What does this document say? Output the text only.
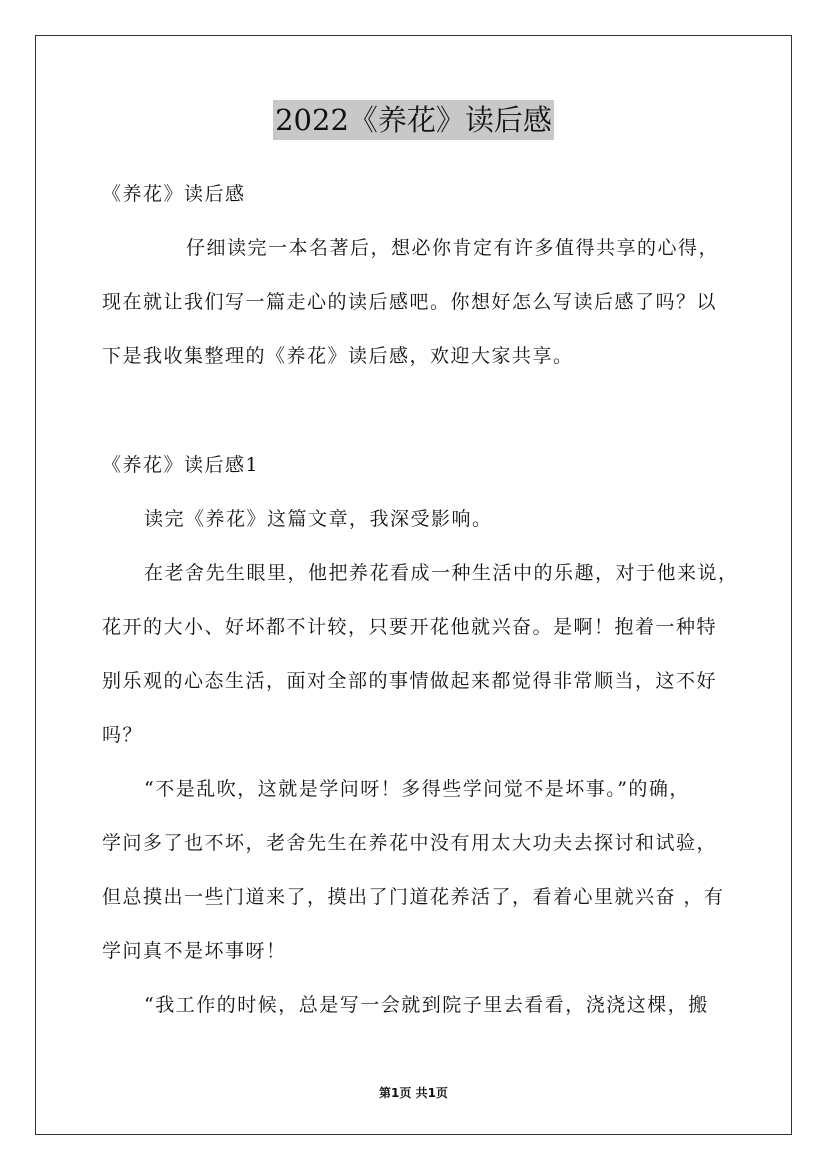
2022《养花》读后感
《养花》读后感
仔细读完一本名著后，想必你肯定有许多值得共享的心得，
现在就让我们写一篇走心的读后感吧。你想好怎么写读后感了吗？以
下是我收集整理的《养花》读后感，欢迎大家共享。
《养花》读后感1
读完《养花》这篇文章，我深受影响。
在老舍先生眼里，他把养花看成一种生活中的乐趣，对于他来说，
花开的大小、好坏都不计较，只要开花他就兴奋。是啊！抱着一种特
别乐观的心态生活，面对全部的事情做起来都觉得非常顺当，这不好
吗？
“不是乱吹，这就是学问呀！多得些学问觉不是坏事。”的确，
学问多了也不坏，老舍先生在养花中没有用太大功夫去探讨和试验，
但总摸出一些门道来了，摸出了门道花养活了，看着心里就兴奋 ，有
学问真不是坏事呀！
“我工作的时候，总是写一会就到院子里去看看，浇浇这棵，搬
第1页 共1页
